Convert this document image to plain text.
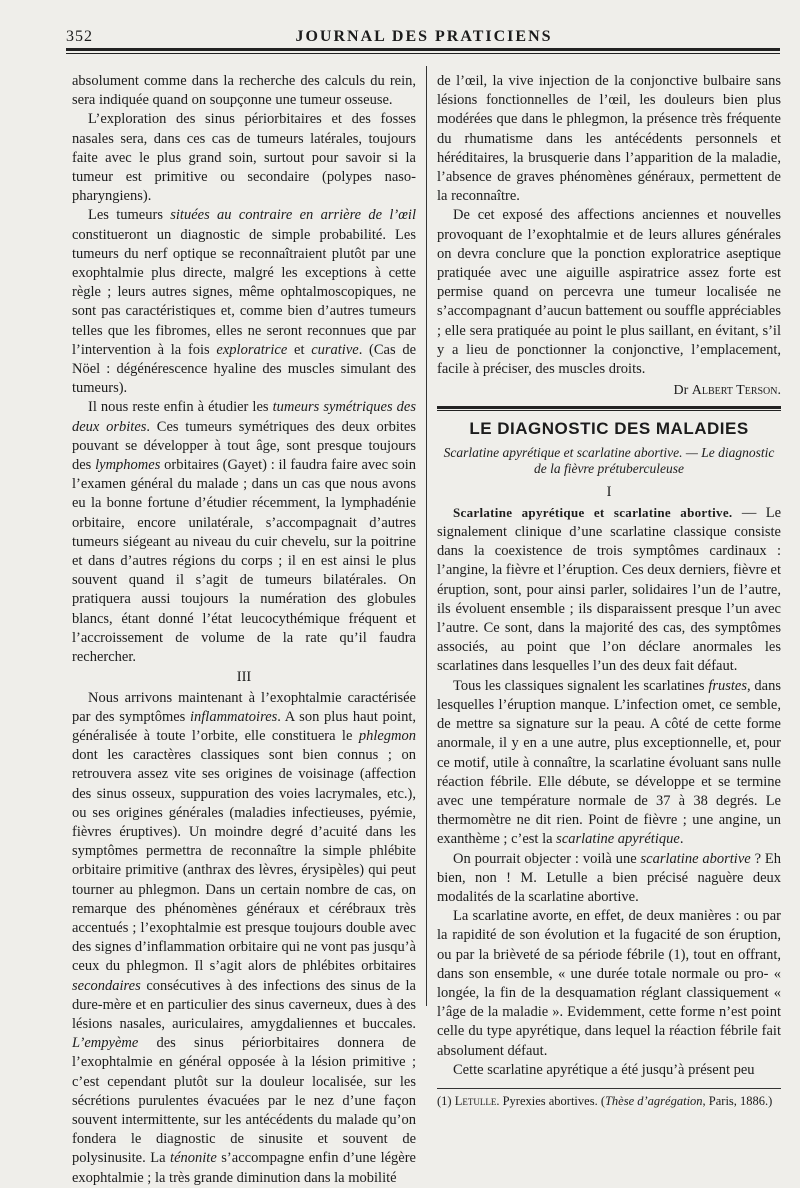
352	JOURNAL DES PRATICIENS

absolument comme dans la recherche des calculs du rein, sera indiquée quand on soupçonne une tumeur osseuse.

L’exploration des sinus périorbitaires et des fosses nasales sera, dans ces cas de tumeurs latérales, toujours faite avec le plus grand soin, surtout pour savoir si la tumeur est primitive ou secondaire (polypes naso-pharyngiens).

Les tumeurs situées au contraire en arrière de l’œil constitueront un diagnostic de simple probabilité. Les tumeurs du nerf optique se reconnaîtraient plutôt par une exophtalmie plus directe, malgré les exceptions à cette règle ; leurs autres signes, même ophtalmoscopiques, ne sont pas caractéristiques et, comme bien d’autres tumeurs telles que les fibromes, elles ne seront reconnues que par l’intervention à la fois exploratrice et curative. (Cas de Nöel : dégénérescence hyaline des muscles simulant des tumeurs).

Il nous reste enfin à étudier les tumeurs symétriques des deux orbites. Ces tumeurs symétriques des deux orbites pouvant se développer à tout âge, sont presque toujours des lymphomes orbitaires (Gayet) : il faudra faire avec soin l’examen général du malade ; dans un cas que nous avons eu la bonne fortune d’étudier récemment, la lymphadénie orbitaire, encore unilatérale, s’accompagnait d’autres tumeurs siégeant au niveau du cuir chevelu, sur la poitrine et dans d’autres régions du corps ; il en est ainsi le plus souvent quand il s’agit de tumeurs bilatérales. On pratiquera aussi toujours la numération des globules blancs, étant donné l’état leucocythémique fréquent et l’accroissement de volume de la rate qu’il faudra rechercher.

III

Nous arrivons maintenant à l’exophtalmie caractérisée par des symptômes inflammatoires. A son plus haut point, généralisée à toute l’orbite, elle constituera le phlegmon dont les caractères classiques sont bien connus ; on retrouvera assez vite ses origines de voisinage (affection des sinus osseux, suppuration des voies lacrymales, etc.), ou ses origines générales (maladies infectieuses, pyémie, fièvres éruptives). Un moindre degré d’acuité dans les symptômes permettra de reconnaître la simple phlébite orbitaire primitive (anthrax des lèvres, érysipèles) qui peut tourner au phlegmon. Dans un certain nombre de cas, on remarque des phénomènes généraux et cérébraux très accentués ; l’exophtalmie est presque toujours double avec des signes d’inflammation orbitaire qui ne vont pas jusqu’à ceux du phlegmon. Il s’agit alors de phlébites orbitaires secondaires consécutives à des infections des sinus de la dure-mère et en particulier des sinus caverneux, dues à des lésions nasales, auriculaires, amygdaliennes et buccales. L’empyème des sinus périorbitaires donnera de l’exophtalmie en général opposée à la lésion primitive ; c’est cependant plutôt sur la douleur localisée, sur les sécrétions purulentes évacuées par le nez d’une façon souvent intermittente, sur les antécédents du malade qu’on fondera le diagnostic de sinusite et souvent de polysinusite. La ténonite s’accompagne enfin d’une légère exophtalmie ; la très grande diminution dans la mobilité

de l’œil, la vive injection de la conjonctive bulbaire sans lésions fonctionnelles de l’œil, les douleurs bien plus modérées que dans le phlegmon, la présence très fréquente du rhumatisme dans les antécédents personnels et héréditaires, la brusquerie dans l’apparition de la maladie, l’absence de graves phénomènes généraux, permettent de la reconnaître.

De cet exposé des affections anciennes et nouvelles provoquant de l’exophtalmie et de leurs allures générales on devra conclure que la ponction exploratrice aseptique pratiquée avec une aiguille aspiratrice assez forte est permise quand on percevra une tumeur localisée ne s’accompagnant d’aucun battement ou souffle appréciables ; elle sera pratiquée au point le plus saillant, en évitant, s’il y a lieu de ponctionner la conjonctive, l’emplacement, facile à préciser, des muscles droits.

Dr Albert Terson.
LE DIAGNOSTIC DES MALADIES
Scarlatine apyrétique et scarlatine abortive. — Le diagnostic de la fièvre prétuberculeuse
I

Scarlatine apyrétique et scarlatine abortive. — Le signalement clinique d’une scarlatine classique consiste dans la coexistence de trois symptômes cardinaux : l’angine, la fièvre et l’éruption. Ces deux derniers, fièvre et éruption, sont, pour ainsi parler, solidaires l’un de l’autre, ils évoluent ensemble ; ils disparaissent presque l’un avec l’autre. Ce sont, dans la majorité des cas, des symptômes associés, au point que l’on déclare anormales les scarlatines dans lesquelles l’un des deux fait défaut.

Tous les classiques signalent les scarlatines frustes, dans lesquelles l’éruption manque. L’infection omet, ce semble, de mettre sa signature sur la peau. A côté de cette forme anormale, il y en a une autre, plus exceptionnelle, et, pour ce motif, utile à connaître, la scarlatine évoluant sans nulle réaction fébrile. Elle débute, se développe et se termine avec une température normale de 37 à 38 degrés. Le thermomètre ne dit rien. Point de fièvre ; une angine, un exanthème ; c’est la scarlatine apyrétique.

On pourrait objecter : voilà une scarlatine abortive ? Eh bien, non ! M. Letulle a bien précisé naguère deux modalités de la scarlatine abortive.

La scarlatine avorte, en effet, de deux manières : ou par la rapidité de son évolution et la fugacité de son éruption, ou par la brièveté de sa période fébrile (1), tout en offrant, dans son ensemble, « une durée totale normale ou pro- « longée, la fin de la desquamation réglant classiquement « l’âge de la maladie ». Evidemment, cette forme n’est point celle du type apyrétique, dans lequel la réaction fébrile fait absolument défaut.

Cette scarlatine apyrétique a été jusqu’à présent peu

(1) Letulle. Pyrexies abortives. (Thèse d’agrégation, Paris, 1886.)
